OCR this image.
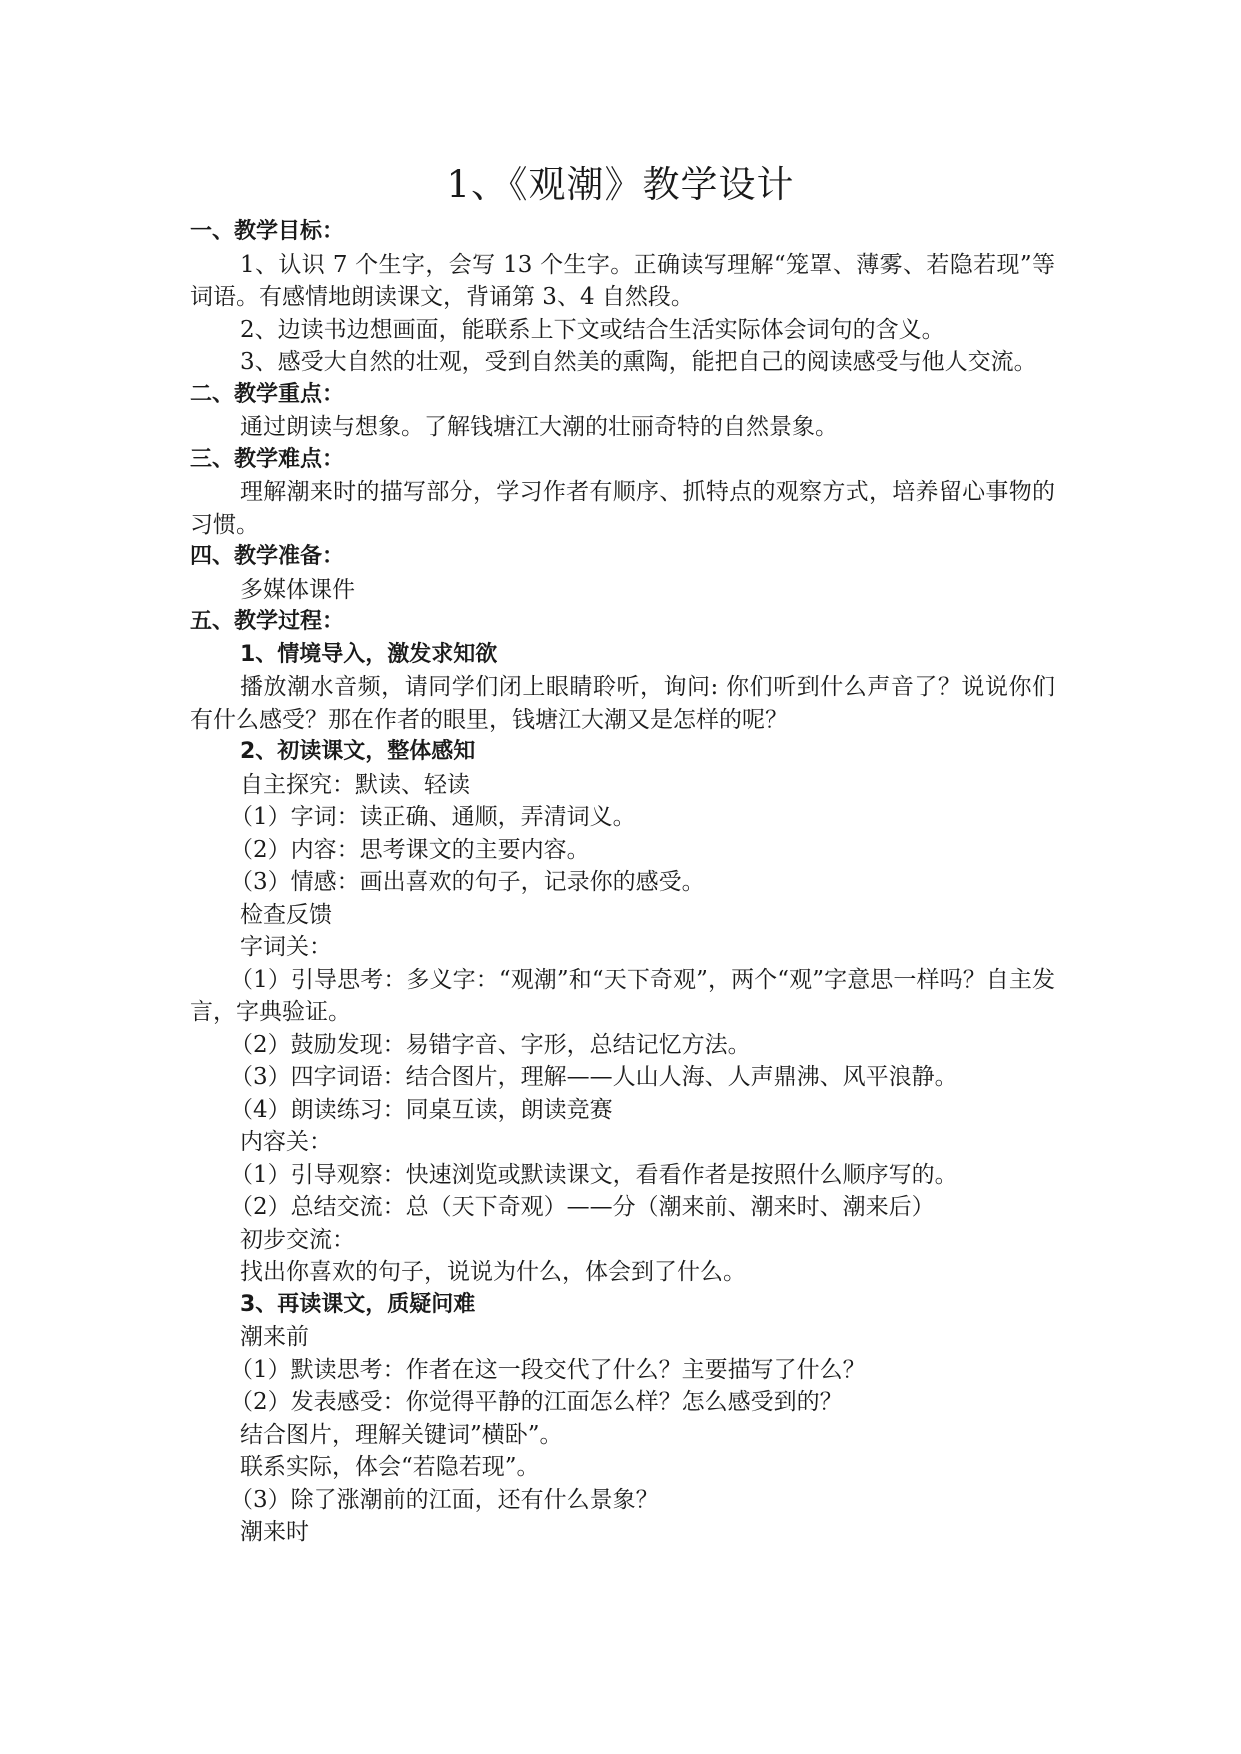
1、《观潮》教学设计

一、教学目标：

1、认识 7 个生字，会写 13 个生字。正确读写理解“笼罩、薄雾、若隐若现”等词语。有感情地朗读课文，背诵第 3、4 自然段。

2、边读书边想画面，能联系上下文或结合生活实际体会词句的含义。

3、感受大自然的壮观，受到自然美的熏陶，能把自己的阅读感受与他人交流。

二、教学重点：

通过朗读与想象。了解钱塘江大潮的壮丽奇特的自然景象。

三、教学难点：

理解潮来时的描写部分，学习作者有顺序、抓特点的观察方式，培养留心事物的习惯。

四、教学准备：

多媒体课件

五、教学过程：

1、情境导入，激发求知欲

播放潮水音频，请同学们闭上眼睛聆听，询问: 你们听到什么声音了？说说你们有什么感受？那在作者的眼里，钱塘江大潮又是怎样的呢？

2、初读课文，整体感知

自主探究：默读、轻读

（1）字词：读正确、通顺，弄清词义。

（2）内容：思考课文的主要内容。

（3）情感：画出喜欢的句子，记录你的感受。

检查反馈

字词关：

（1）引导思考：多义字：“观潮”和“天下奇观”，两个“观”字意思一样吗？自主发言，字典验证。

（2）鼓励发现：易错字音、字形，总结记忆方法。

（3）四字词语：结合图片，理解——人山人海、人声鼎沸、风平浪静。

（4）朗读练习：同桌互读，朗读竞赛

内容关：

（1）引导观察：快速浏览或默读课文，看看作者是按照什么顺序写的。

（2）总结交流：总（天下奇观）——分（潮来前、潮来时、潮来后）

初步交流：

找出你喜欢的句子，说说为什么，体会到了什么。

3、再读课文，质疑问难

潮来前

（1）默读思考：作者在这一段交代了什么？主要描写了什么？

（2）发表感受：你觉得平静的江面怎么样？怎么感受到的？

结合图片，理解关键词”横卧”。

联系实际，体会“若隐若现”。

（3）除了涨潮前的江面，还有什么景象？

潮来时
